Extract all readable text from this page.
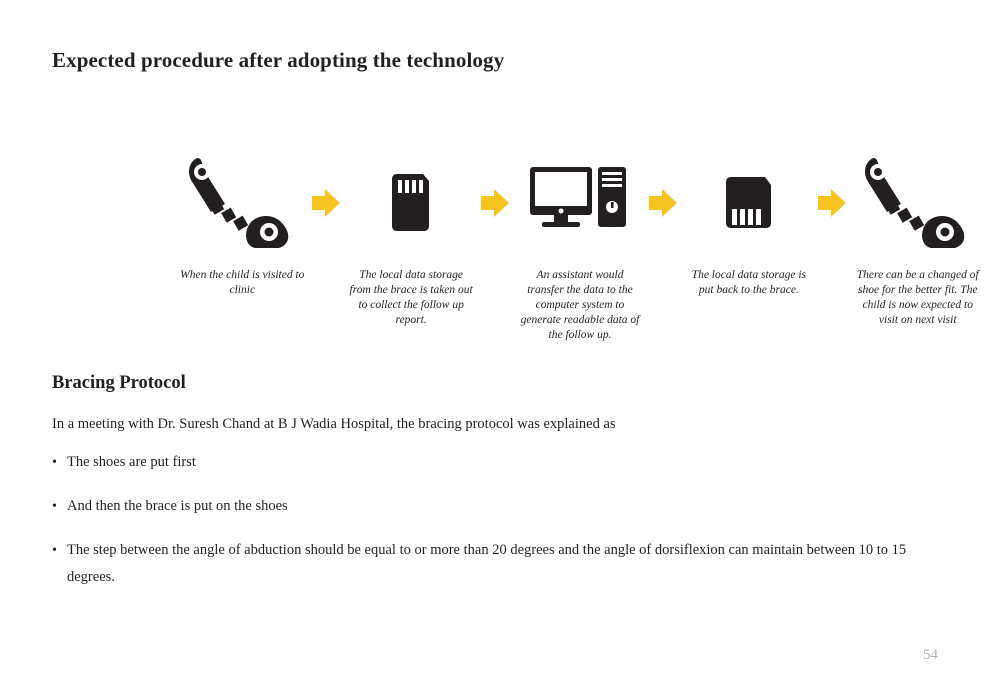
Expected procedure after adopting the technology
When the child is visited to clinic
The local data storage from the brace is taken out to collect the follow up report.
An assistant would transfer the data to the computer system to generate readable data of the follow up.
The local data storage is put back to the brace.
There can be a changed of shoe for the better fit. The child is now expected to visit on next visit
Bracing Protocol
In a meeting with Dr. Suresh Chand at B J Wadia Hospital, the bracing protocol was explained as
• The shoes are put first
• And then the brace is put on the shoes
• The step between the angle of abduction should be equal to or more than 20 degrees and the angle of dorsiflexion can maintain between 10 to 15 degrees.
54
